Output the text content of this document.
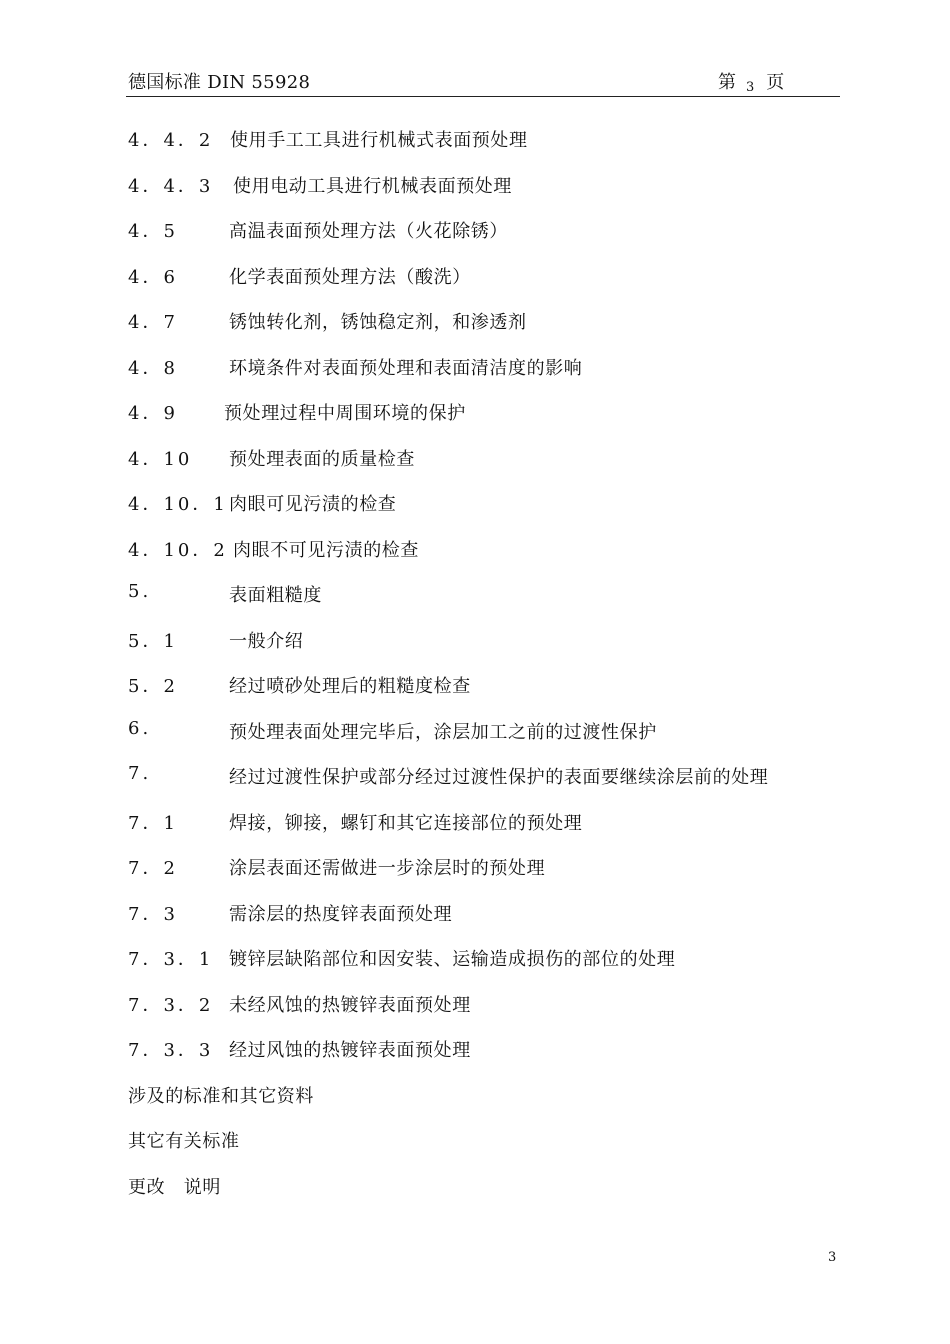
德国标准 DIN 55928	第 3 页
4．4．2 使用手工工具进行机械式表面预处理
4．4．3 使用电动工具进行机械表面预处理
4．5	高温表面预处理方法（火花除锈）
4．6	化学表面预处理方法（酸洗）
4．7	锈蚀转化剂，锈蚀稳定剂，和渗透剂
4．8	环境条件对表面预处理和表面清洁度的影响
4．9	预处理过程中周围环境的保护
4．10 预处理表面的质量检查
4．10．1 肉眼可见污渍的检查
4．10．2 肉眼不可见污渍的检查
5.	表面粗糙度
5．1	一般介绍
5．2	经过喷砂处理后的粗糙度检查
6.	预处理表面处理完毕后，涂层加工之前的过渡性保护
7.	经过过渡性保护或部分经过过渡性保护的表面要继续涂层前的处理
7．1	焊接，铆接，螺钉和其它连接部位的预处理
7．2	涂层表面还需做进一步涂层时的预处理
7．3	需涂层的热度锌表面预处理
7．3．1 镀锌层缺陷部位和因安装、运输造成损伤的部位的处理
7．3．2 未经风蚀的热镀锌表面预处理
7．3．3 经过风蚀的热镀锌表面预处理
涉及的标准和其它资料
其它有关标准
更改　说明
3
